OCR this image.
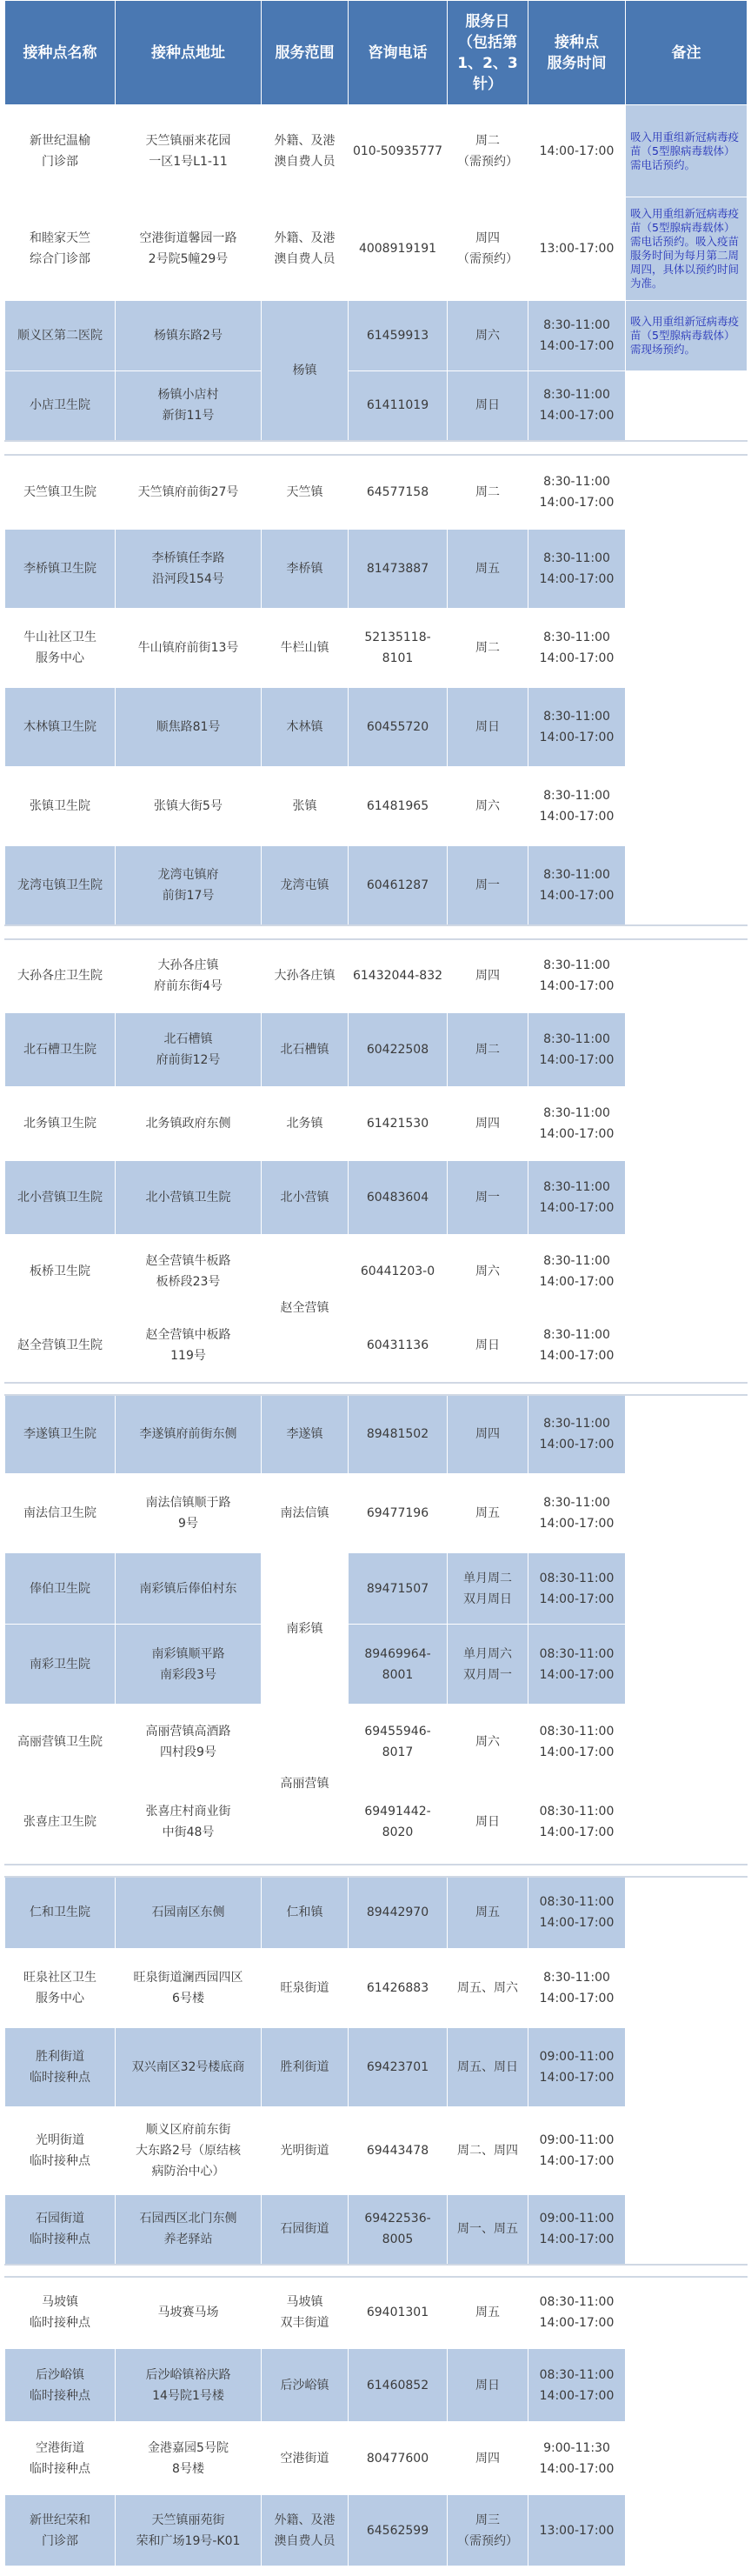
接种点名称	接种点地址	服务范围	咨询电话	服务日
（包括第
1、2、3针）	接种点
服务时间	备注

新世纪温榆
门诊部	天竺镇丽来花园
一区1号L1-11	外籍、及港
澳自费人员	010-50935777	周二
（需预约）	14:00-17:00	吸入用重组新冠病毒疫苗（5型腺病毒载体）需电话预约。

和睦家天竺
综合门诊部	空港街道馨园一路
2号院5幢29号	外籍、及港
澳自费人员	4008919191	周四
（需预约）	13:00-17:00	吸入用重组新冠病毒疫苗（5型腺病毒载体）需电话预约。吸入疫苗服务时间为每月第二周周四，具体以预约时间为准。

顺义区第二医院	杨镇东路2号	杨镇	61459913	周六	8:30-11:00
14:00-17:00	吸入用重组新冠病毒疫苗（5型腺病毒载体）需现场预约。

小店卫生院	杨镇小店村
新街11号		61411019	周日	8:30-11:00
14:00-17:00	

天竺镇卫生院	天竺镇府前街27号	天竺镇	64577158	周二	8:30-11:00
14:00-17:00	

李桥镇卫生院	李桥镇任李路
沿河段154号	李桥镇	81473887	周五	8:30-11:00
14:00-17:00	

牛山社区卫生
服务中心	牛山镇府前街13号	牛栏山镇	52135118-8101	周二	8:30-11:00
14:00-17:00	

木林镇卫生院	顺焦路81号	木林镇	60455720	周日	8:30-11:00
14:00-17:00	

张镇卫生院	张镇大街5号	张镇	61481965	周六	8:30-11:00
14:00-17:00	

龙湾屯镇卫生院	龙湾屯镇府
前街17号	龙湾屯镇	60461287	周一	8:30-11:00
14:00-17:00	

大孙各庄卫生院	大孙各庄镇
府前东街4号	大孙各庄镇	61432044-832	周四	8:30-11:00
14:00-17:00	

北石槽卫生院	北石槽镇
府前街12号	北石槽镇	60422508	周二	8:30-11:00
14:00-17:00	

北务镇卫生院	北务镇政府东侧	北务镇	61421530	周四	8:30-11:00
14:00-17:00	

北小营镇卫生院	北小营镇卫生院	北小营镇	60483604	周一	8:30-11:00
14:00-17:00	

板桥卫生院	赵全营镇牛板路
板桥段23号	赵全营镇	60441203-0	周六	8:30-11:00
14:00-17:00	

赵全营镇卫生院	赵全营镇中板路
119号		60431136	周日	8:30-11:00
14:00-17:00	

李遂镇卫生院	李遂镇府前街东侧	李遂镇	89481502	周四	8:30-11:00
14:00-17:00	

南法信卫生院	南法信镇顺于路
9号	南法信镇	69477196	周五	8:30-11:00
14:00-17:00	

俸伯卫生院	南彩镇后俸伯村东	南彩镇	89471507	单月周二
双月周日	08:30-11:00
14:00-17:00	

南彩卫生院	南彩镇顺平路
南彩段3号		89469964-8001	单月周六
双月周一	08:30-11:00
14:00-17:00	

高丽营镇卫生院	高丽营镇高酒路
四村段9号	高丽营镇	69455946-8017	周六	08:30-11:00
14:00-17:00	

张喜庄卫生院	张喜庄村商业街
中街48号		69491442-8020	周日	08:30-11:00
14:00-17:00	

仁和卫生院	石园南区东侧	仁和镇	89442970	周五	08:30-11:00
14:00-17:00	

旺泉社区卫生
服务中心	旺泉街道澜西园四区
6号楼	旺泉街道	61426883	周五、周六	8:30-11:00
14:00-17:00	

胜利街道
临时接种点	双兴南区32号楼底商	胜利街道	69423701	周五、周日	09:00-11:00
14:00-17:00	

光明街道
临时接种点	顺义区府前东街
大东路2号（原结核
病防治中心）	光明街道	69443478	周二、周四	09:00-11:00
14:00-17:00	

石园街道
临时接种点	石园西区北门东侧
养老驿站	石园街道	69422536-8005	周一、周五	09:00-11:00
14:00-17:00	

马坡镇
临时接种点	马坡赛马场	马坡镇
双丰街道	69401301	周五	08:30-11:00
14:00-17:00	

后沙峪镇
临时接种点	后沙峪镇裕庆路
14号院1号楼	后沙峪镇	61460852	周日	08:30-11:00
14:00-17:00	

空港街道
临时接种点	金港嘉园5号院
8号楼	空港街道	80477600	周四	9:00-11:30
14:00-17:00	

新世纪荣和
门诊部	天竺镇丽苑街
荣和广场19号-K01	外籍、及港
澳自费人员	64562599	周三
（需预约）	13:00-17:00	
